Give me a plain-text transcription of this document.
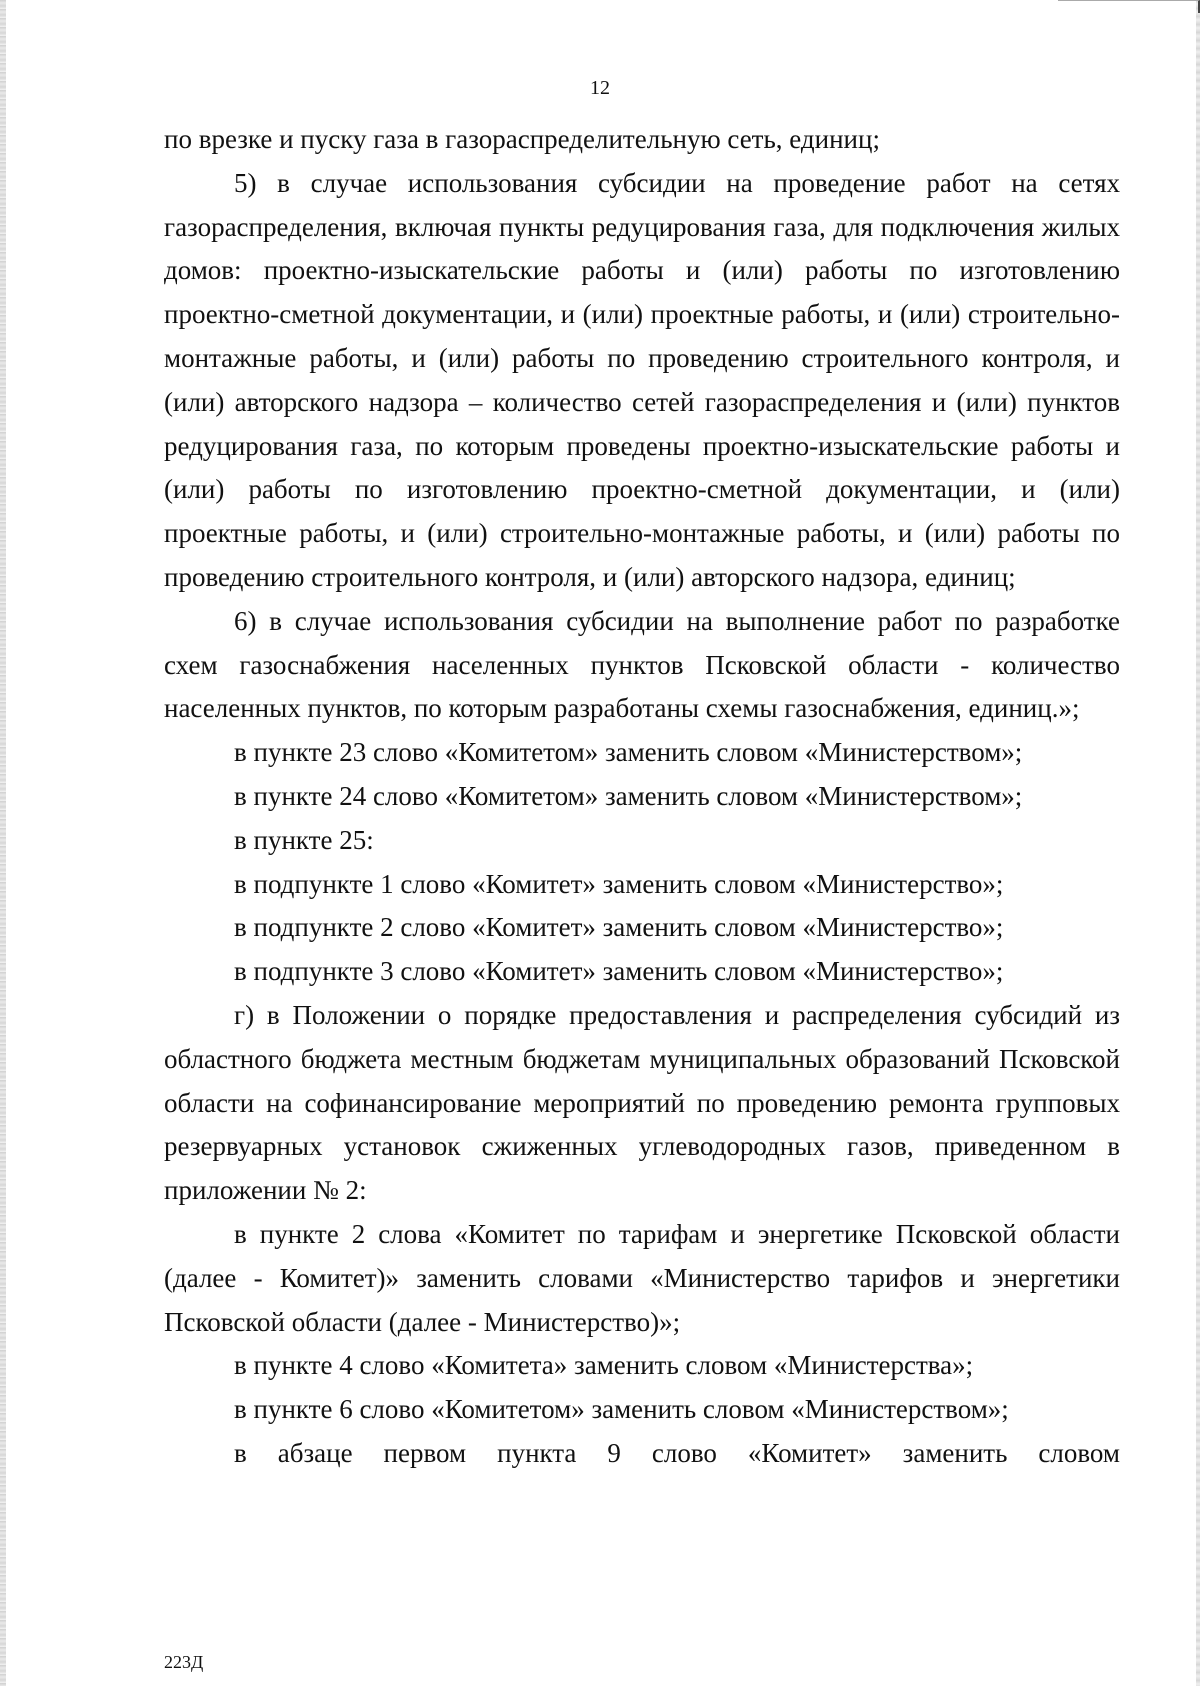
12

по врезке и пуску газа в газораспределительную сеть, единиц;

5) в случае использования субсидии на проведение работ на сетях газораспределения, включая пункты редуцирования газа, для подключения жилых домов: проектно-изыскательские работы и (или) работы по изготовлению проектно-сметной документации, и (или) проектные работы, и (или) строительно-монтажные работы, и (или) работы по проведению строительного контроля, и (или) авторского надзора – количество сетей газораспределения и (или) пунктов редуцирования газа, по которым проведены проектно-изыскательские работы и (или) работы по изготовлению проектно-сметной документации, и (или) проектные работы, и (или) строительно-монтажные работы, и (или) работы по проведению строительного контроля, и (или) авторского надзора, единиц;

6) в случае использования субсидии на выполнение работ по разработке схем газоснабжения населенных пунктов Псковской области - количество населенных пунктов, по которым разработаны схемы газоснабжения, единиц.»;

в пункте 23 слово «Комитетом» заменить словом «Министерством»;

в пункте 24 слово «Комитетом» заменить словом «Министерством»;

в пункте 25:

в подпункте 1 слово «Комитет» заменить словом «Министерство»;

в подпункте 2 слово «Комитет» заменить словом «Министерство»;

в подпункте 3 слово «Комитет» заменить словом «Министерство»;

г) в Положении о порядке предоставления и распределения субсидий из областного бюджета местным бюджетам муниципальных образований Псковской области на софинансирование мероприятий по проведению ремонта групповых резервуарных установок сжиженных углеводородных газов, приведенном в приложении № 2:

в пункте 2 слова «Комитет по тарифам и энергетике Псковской области (далее - Комитет)» заменить словами «Министерство тарифов и энергетики Псковской области (далее - Министерство)»;

в пункте 4 слово «Комитета» заменить словом «Министерства»;

в пункте 6 слово «Комитетом» заменить словом «Министерством»;

в абзаце первом пункта 9 слово «Комитет» заменить словом

223Д
